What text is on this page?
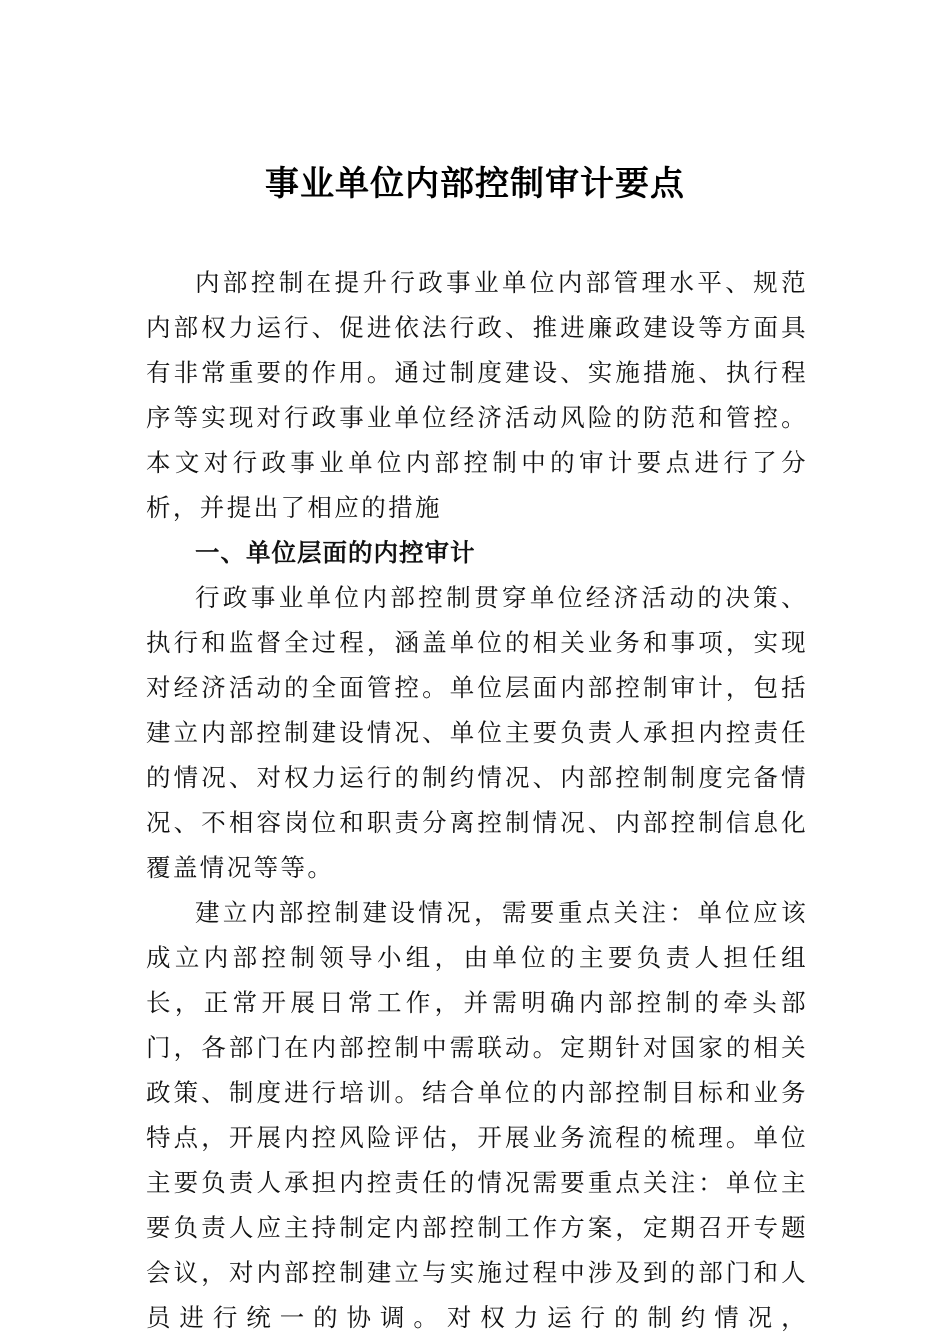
事业单位内部控制审计要点

内部控制在提升行政事业单位内部管理水平、规范内部权力运行、促进依法行政、推进廉政建设等方面具有非常重要的作用。通过制度建设、实施措施、执行程序等实现对行政事业单位经济活动风险的防范和管控。本文对行政事业单位内部控制中的审计要点进行了分析，并提出了相应的措施

一、单位层面的内控审计

行政事业单位内部控制贯穿单位经济活动的决策、执行和监督全过程，涵盖单位的相关业务和事项，实现对经济活动的全面管控。单位层面内部控制审计，包括建立内部控制建设情况、单位主要负责人承担内控责任的情况、对权力运行的制约情况、内部控制制度完备情况、不相容岗位和职责分离控制情况、内部控制信息化覆盖情况等等。

建立内部控制建设情况，需要重点关注：单位应该成立内部控制领导小组，由单位的主要负责人担任组长，正常开展日常工作，并需明确内部控制的牵头部门，各部门在内部控制中需联动。定期针对国家的相关政策、制度进行培训。结合单位的内部控制目标和业务特点，开展内控风险评估，开展业务流程的梳理。单位主要负责人承担内控责任的情况需要重点关注：单位主要负责人应主持制定内部控制工作方案，定期召开专题会议，对内部控制建立与实施过程中涉及到的部门和人员进行统一的协调。对权力运行的制约情况，
